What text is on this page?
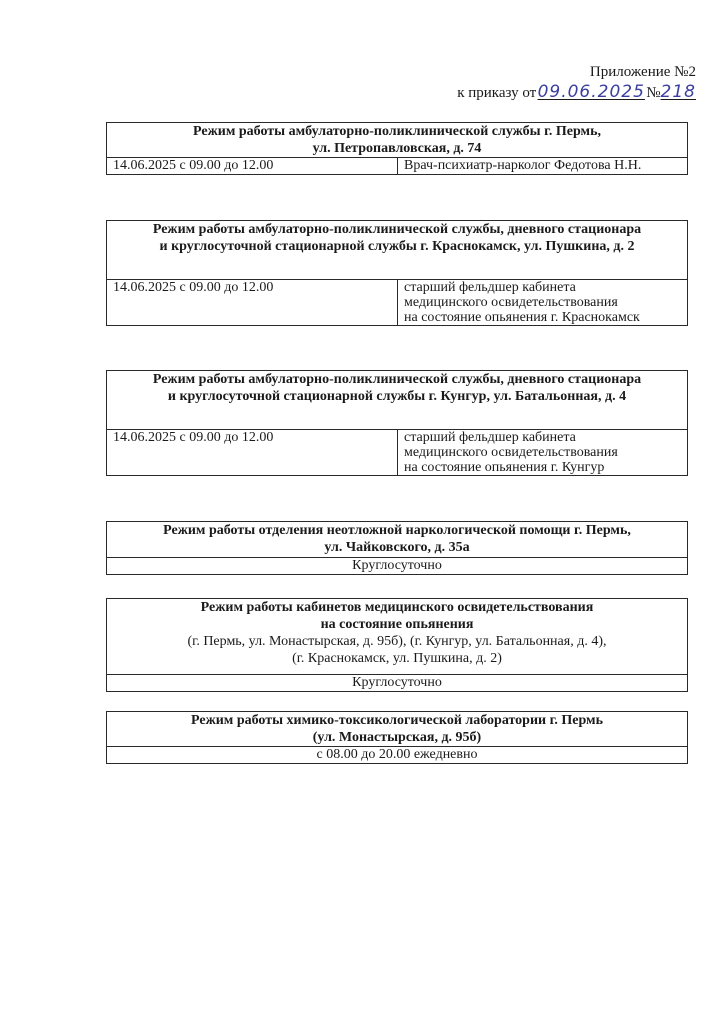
Приложение №2
к приказу от09.06.2025№218
Режим работы амбулаторно-поликлинической службы г. Пермь,
ул. Петропавловская, д. 74

14.06.2025 с 09.00 до 12.00	Врач-психиатр-нарколог Федотова Н.Н.
Режим работы амбулаторно-поликлинической службы, дневного стационара
и круглосуточной стационарной службы г. Краснокамск, ул. Пушкина, д. 2

14.06.2025 с 09.00 до 12.00	старший фельдшер кабинета
медицинского освидетельствования
на состояние опьянения г. Краснокамск
Режим работы амбулаторно-поликлинической службы, дневного стационара
и круглосуточной стационарной службы г. Кунгур, ул. Батальонная, д. 4

14.06.2025 с 09.00 до 12.00	старший фельдшер кабинета
медицинского освидетельствования
на состояние опьянения г. Кунгур
Режим работы отделения неотложной наркологической помощи г. Пермь,
ул. Чайковского, д. 35а

Круглосуточно
Режим работы кабинетов медицинского освидетельствования
на состояние опьянения
(г. Пермь, ул. Монастырская, д. 95б), (г. Кунгур, ул. Батальонная, д. 4),
(г. Краснокамск, ул. Пушкина, д. 2)

Круглосуточно
Режим работы химико-токсикологической лаборатории г. Пермь
(ул. Монастырская, д. 95б)

с 08.00 до 20.00 ежедневно
